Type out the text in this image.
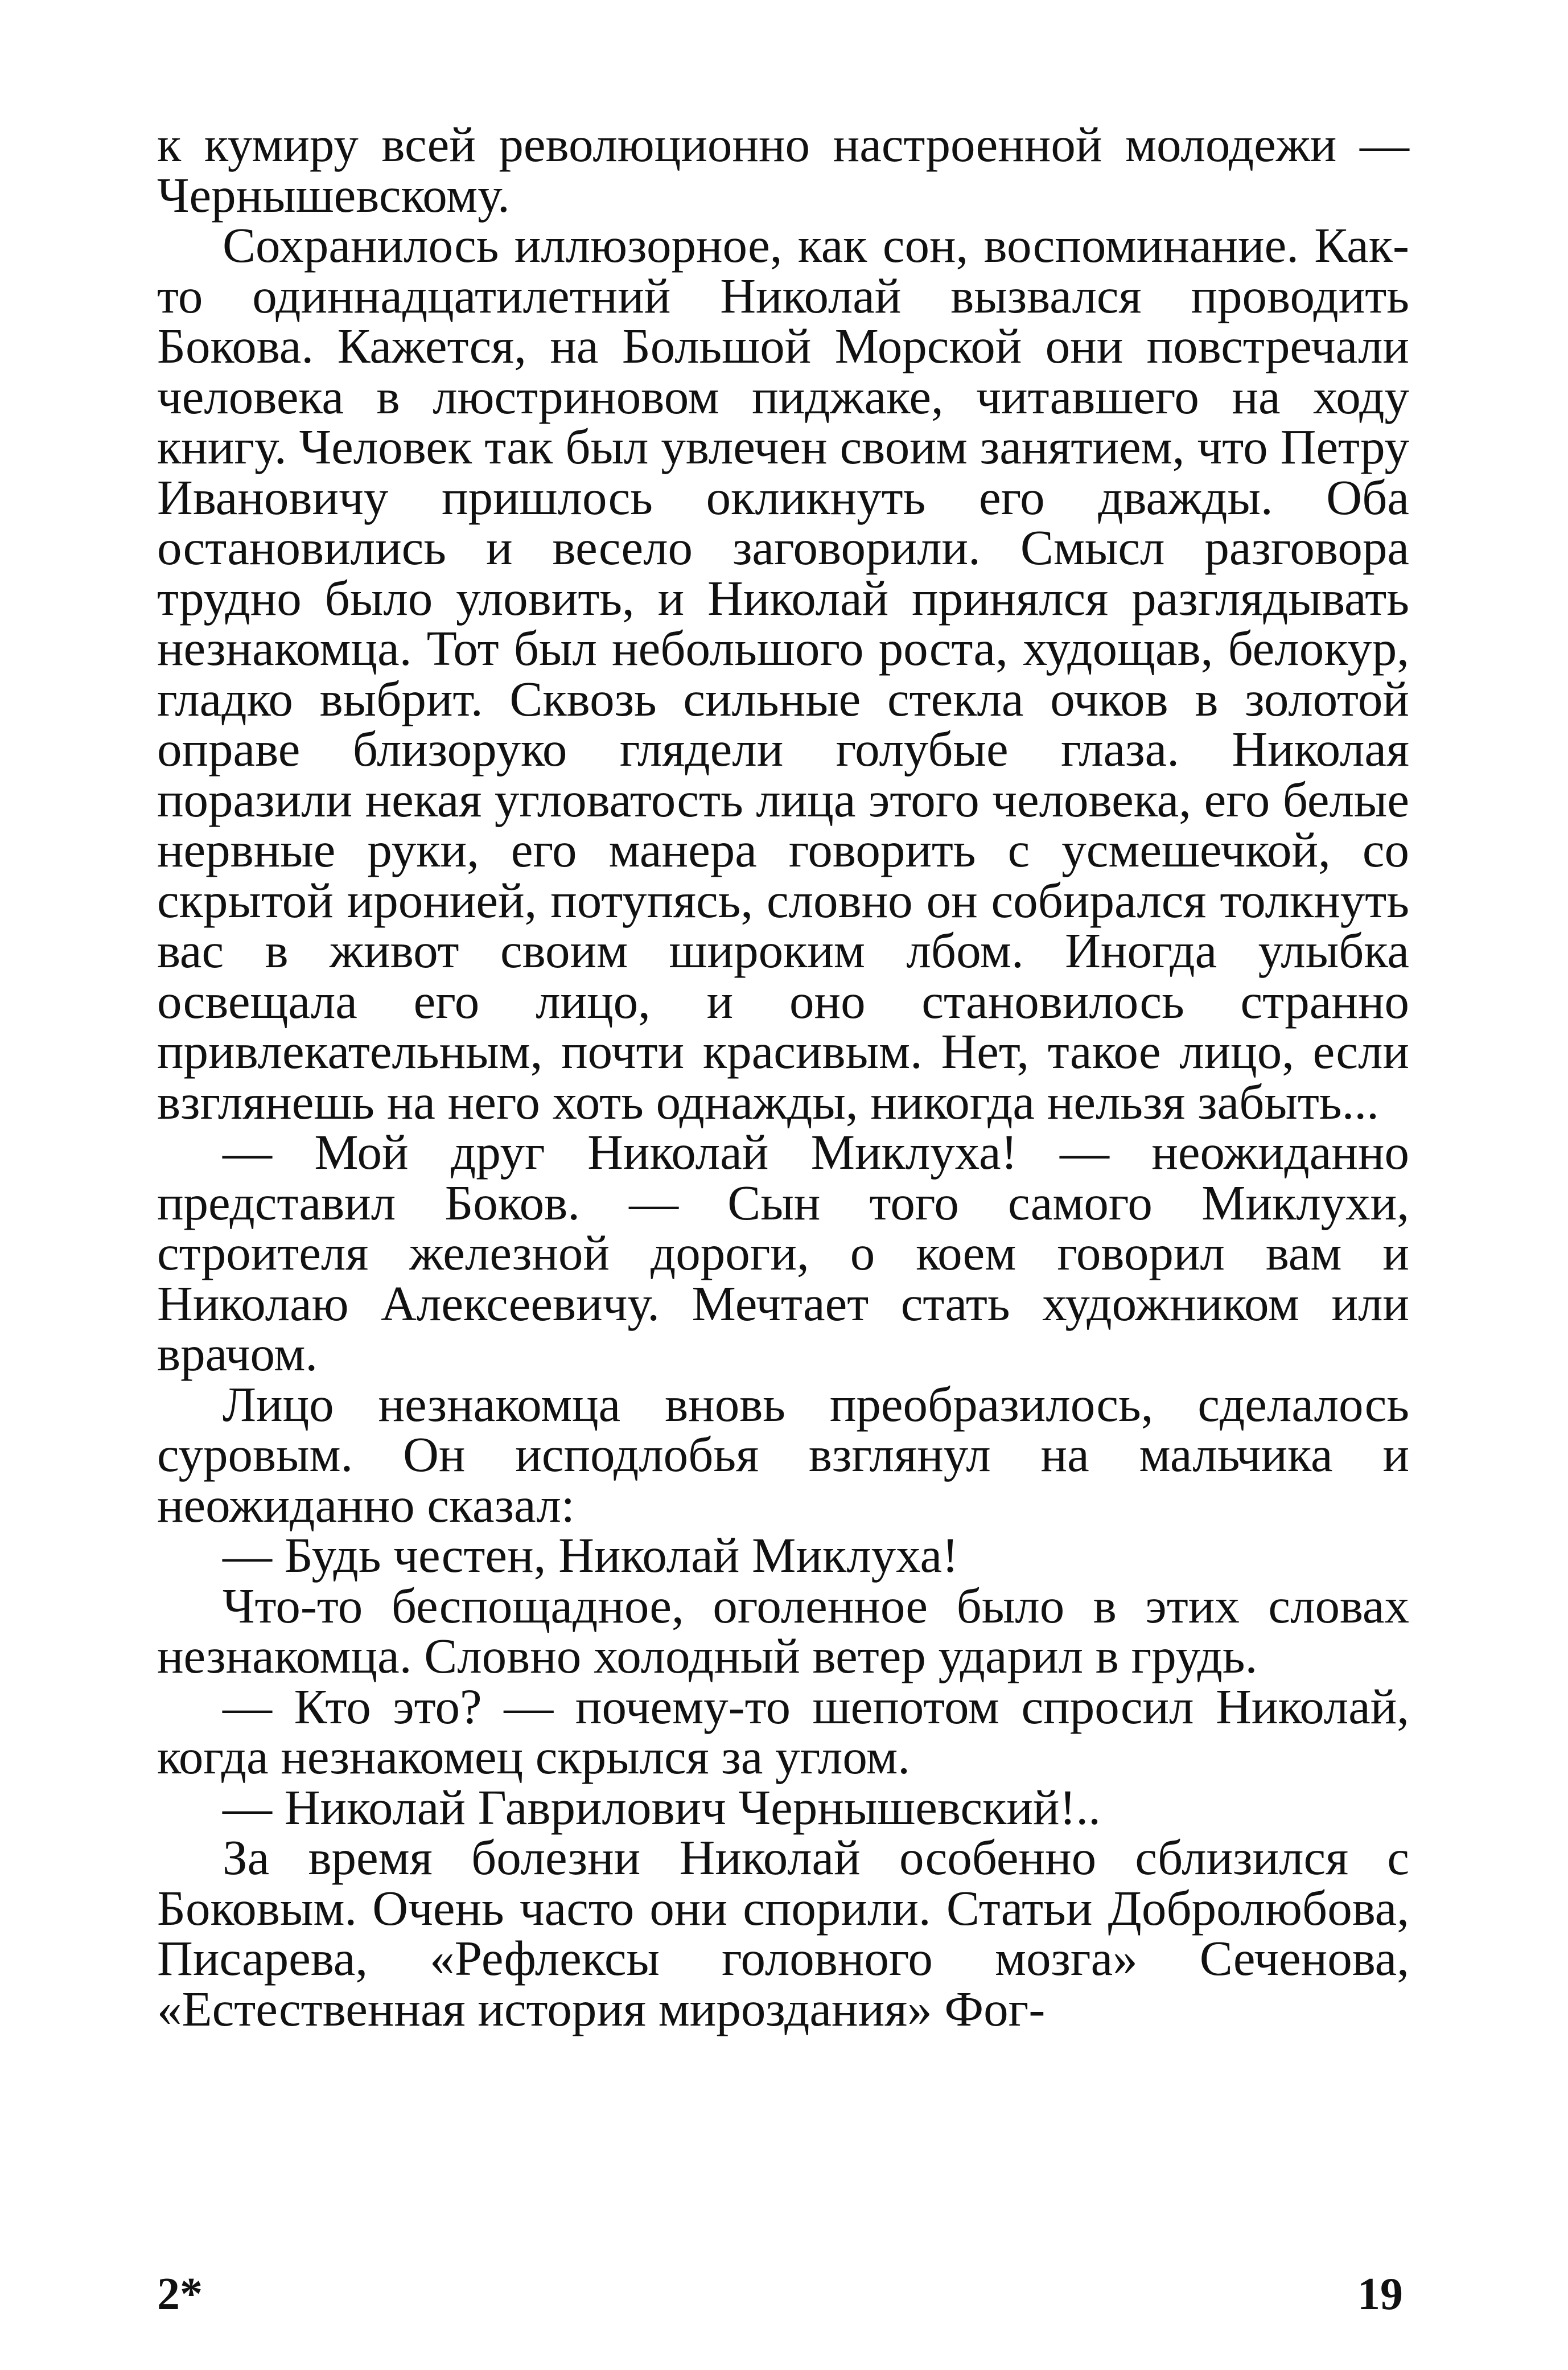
к кумиру всей революционно настроенной молодежи — Чернышевскому.

Сохранилось иллюзорное, как сон, воспоминание. Как-то одиннадцатилетний Николай вызвался проводить Бокова. Кажется, на Большой Морской они повстречали человека в люстриновом пиджаке, читавшего на ходу книгу. Человек так был увлечен своим занятием, что Петру Ивановичу пришлось окликнуть его дважды. Оба остановились и весело заговорили. Смысл разговора трудно было уловить, и Николай принялся разглядывать незнакомца. Тот был небольшого роста, худощав, белокур, гладко выбрит. Сквозь сильные стекла очков в золотой оправе близоруко глядели голубые глаза. Николая поразили некая угловатость лица этого человека, его белые нервные руки, его манера говорить с усмешечкой, со скрытой иронией, потупясь, словно он собирался толкнуть вас в живот своим широким лбом. Иногда улыбка освещала его лицо, и оно становилось странно привлекательным, почти красивым. Нет, такое лицо, если взглянешь на него хоть однажды, никогда нельзя забыть...

— Мой друг Николай Миклуха! — неожиданно представил Боков. — Сын того самого Миклухи, строителя железной дороги, о коем говорил вам и Николаю Алексеевичу. Мечтает стать художником или врачом.

Лицо незнакомца вновь преобразилось, сделалось суровым. Он исподлобья взглянул на мальчика и неожиданно сказал:

— Будь честен, Николай Миклуха!

Что-то беспощадное, оголенное было в этих словах незнакомца. Словно холодный ветер ударил в грудь.

— Кто это? — почему-то шепотом спросил Николай, когда незнакомец скрылся за углом.

— Николай Гаврилович Чернышевский!..

За время болезни Николай особенно сблизился с Боковым. Очень часто они спорили. Статьи Добролюбова, Писарева, «Рефлексы головного мозга» Сеченова, «Естественная история мироздания» Фог-

2*	19
